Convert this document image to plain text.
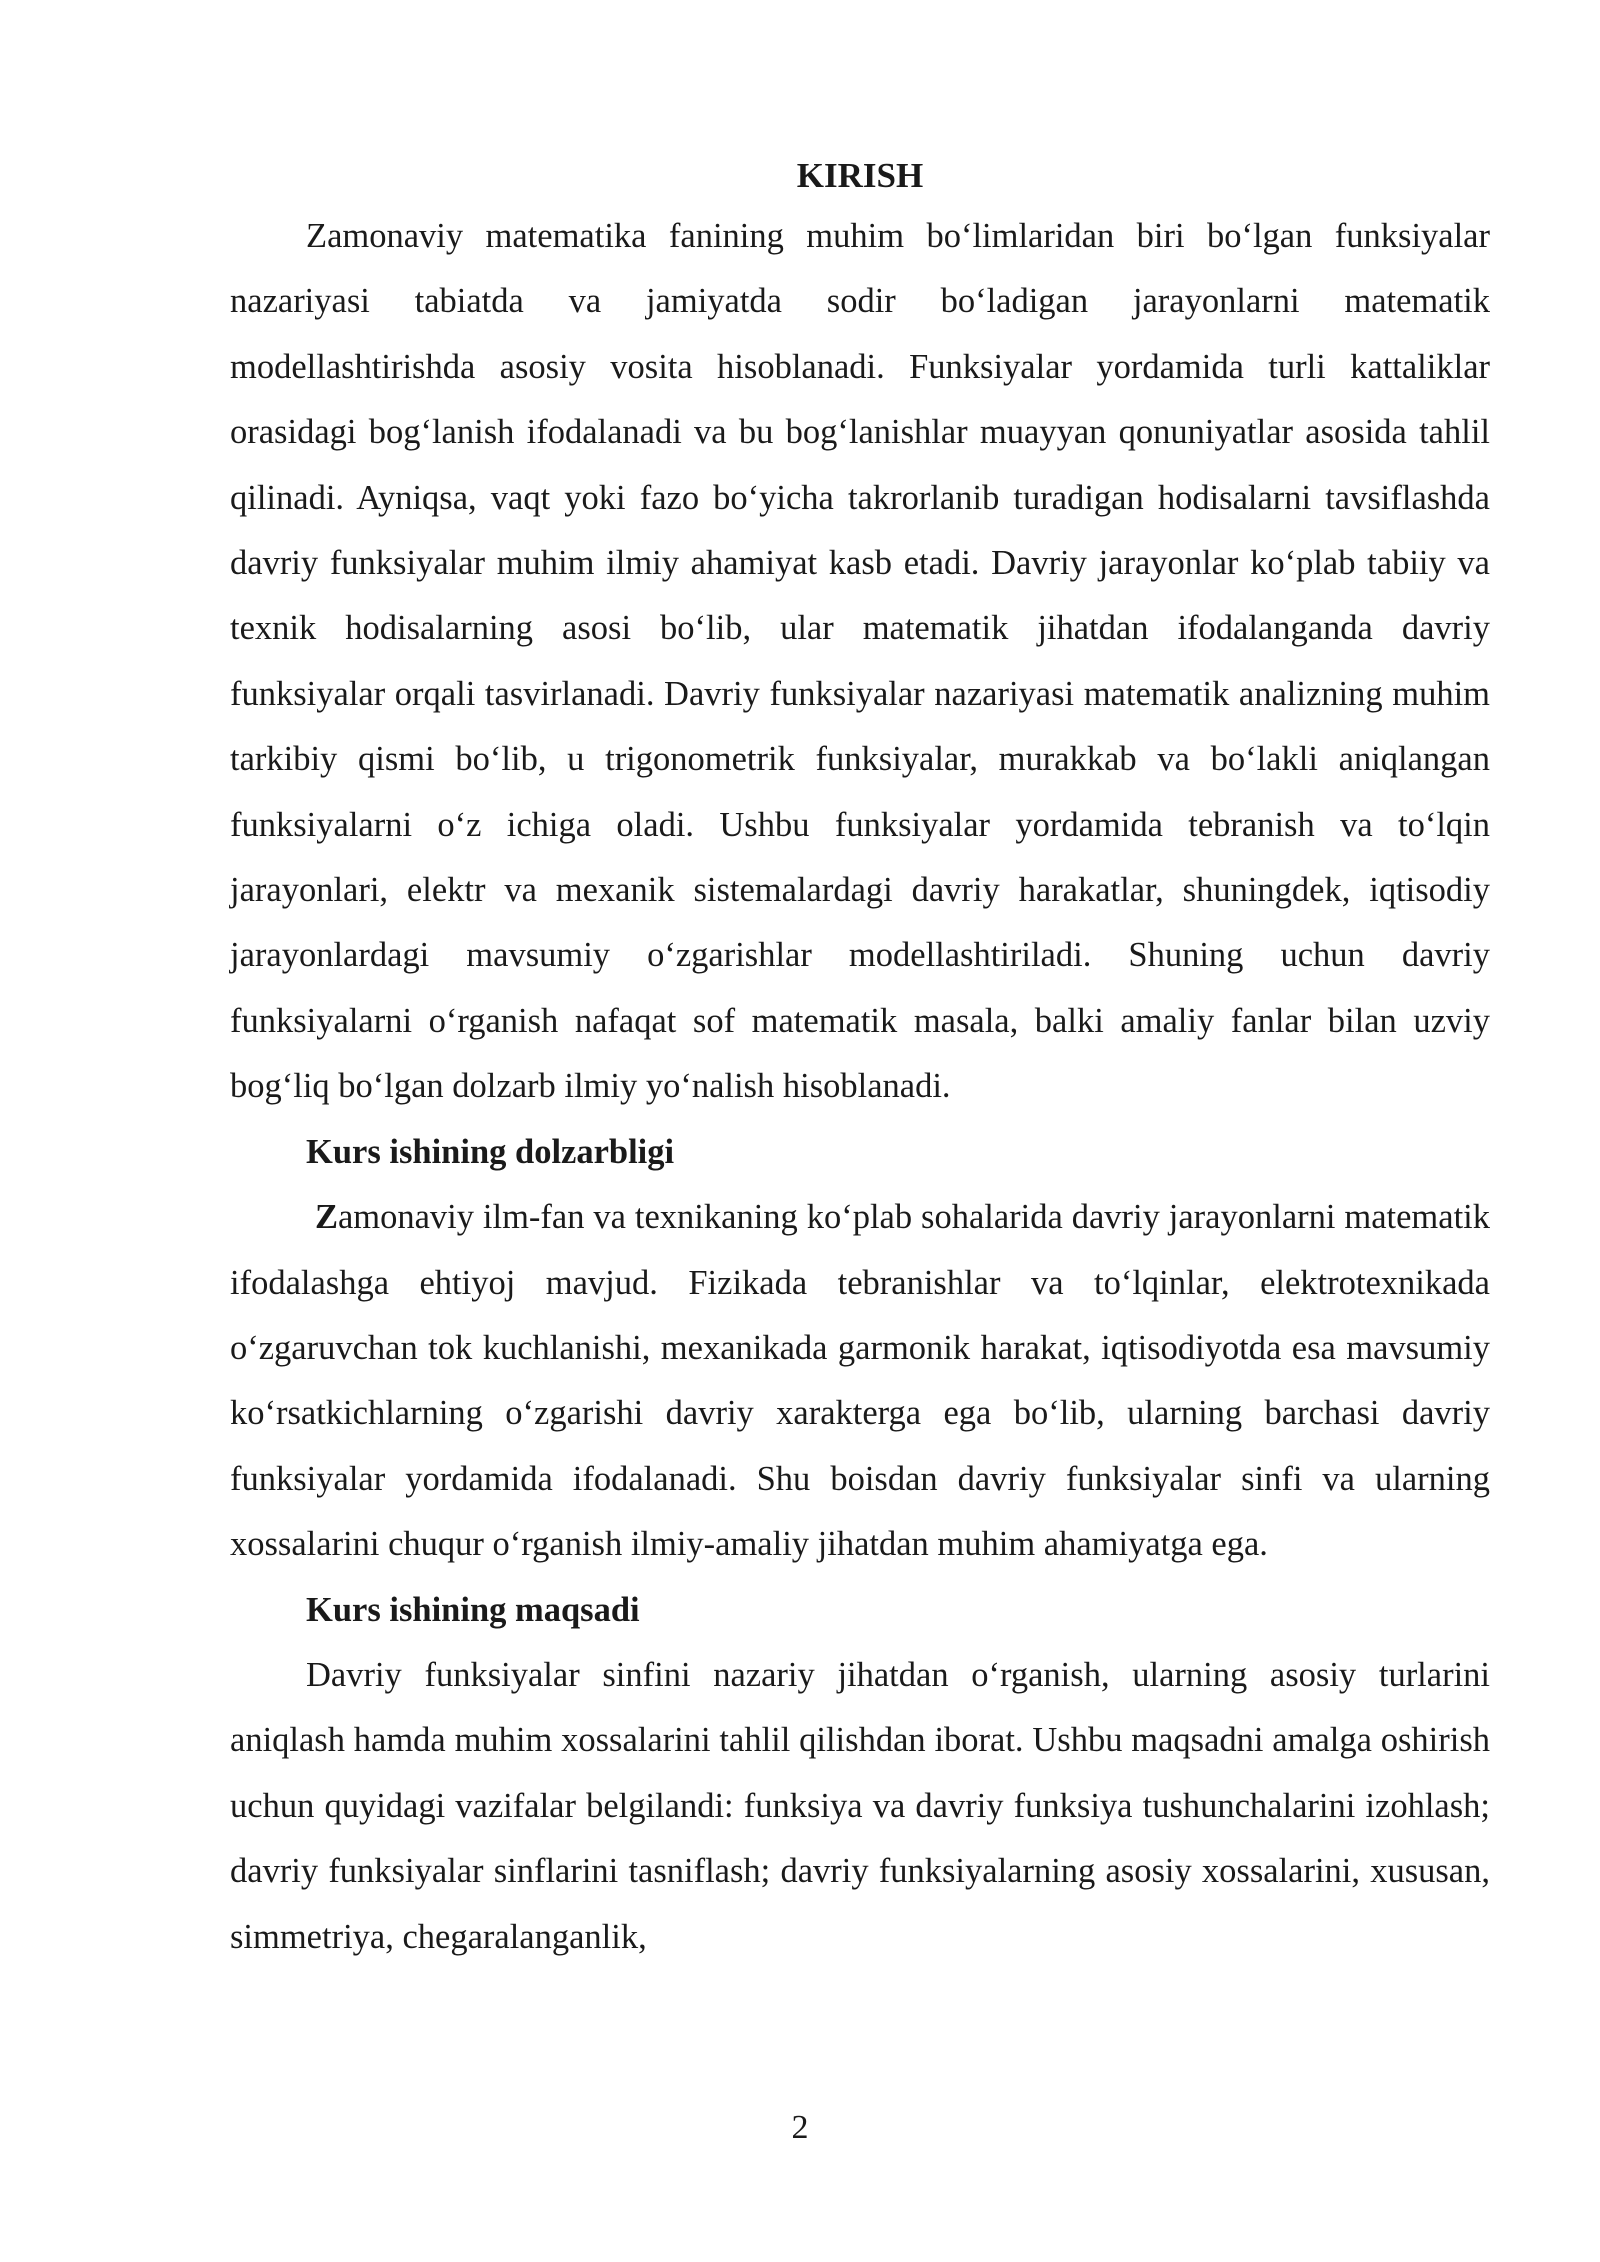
KIRISH

Zamonaviy matematika fanining muhim bo‘limlaridan biri bo‘lgan funksiyalar nazariyasi tabiatda va jamiyatda sodir bo‘ladigan jarayonlarni matematik modellashtirishda asosiy vosita hisoblanadi. Funksiyalar yordamida turli kattaliklar orasidagi bog‘lanish ifodalanadi va bu bog‘lanishlar muayyan qonuniyatlar asosida tahlil qilinadi. Ayniqsa, vaqt yoki fazo bo‘yicha takrorlanib turadigan hodisalarni tavsiflashda davriy funksiyalar muhim ilmiy ahamiyat kasb etadi. Davriy jarayonlar ko‘plab tabiiy va texnik hodisalarning asosi bo‘lib, ular matematik jihatdan ifodalanganda davriy funksiyalar orqali tasvirlanadi. Davriy funksiyalar nazariyasi matematik analizning muhim tarkibiy qismi bo‘lib, u trigonometrik funksiyalar, murakkab va bo‘lakli aniqlangan funksiyalarni o‘z ichiga oladi. Ushbu funksiyalar yordamida tebranish va to‘lqin jarayonlari, elektr va mexanik sistemalardagi davriy harakatlar, shuningdek, iqtisodiy jarayonlardagi mavsumiy o‘zgarishlar modellashtiriladi. Shuning uchun davriy funksiyalarni o‘rganish nafaqat sof matematik masala, balki amaliy fanlar bilan uzviy bog‘liq bo‘lgan dolzarb ilmiy yo‘nalish hisoblanadi.

Kurs ishining dolzarbligi

Zamonaviy ilm-fan va texnikaning ko‘plab sohalarida davriy jarayonlarni matematik ifodalashga ehtiyoj mavjud. Fizikada tebranishlar va to‘lqinlar, elektrotexnikada o‘zgaruvchan tok kuchlanishi, mexanikada garmonik harakat, iqtisodiyotda esa mavsumiy ko‘rsatkichlarning o‘zgarishi davriy xarakterga ega bo‘lib, ularning barchasi davriy funksiyalar yordamida ifodalanadi. Shu boisdan davriy funksiyalar sinfi va ularning xossalarini chuqur o‘rganish ilmiy-amaliy jihatdan muhim ahamiyatga ega.

Kurs ishining maqsadi

Davriy funksiyalar sinfini nazariy jihatdan o‘rganish, ularning asosiy turlarini aniqlash hamda muhim xossalarini tahlil qilishdan iborat. Ushbu maqsadni amalga oshirish uchun quyidagi vazifalar belgilandi: funksiya va davriy funksiya tushunchalarini izohlash; davriy funksiyalar sinflarini tasniflash; davriy funksiyalarning asosiy xossalarini, xususan, simmetriya, chegaralanganlik,

2
